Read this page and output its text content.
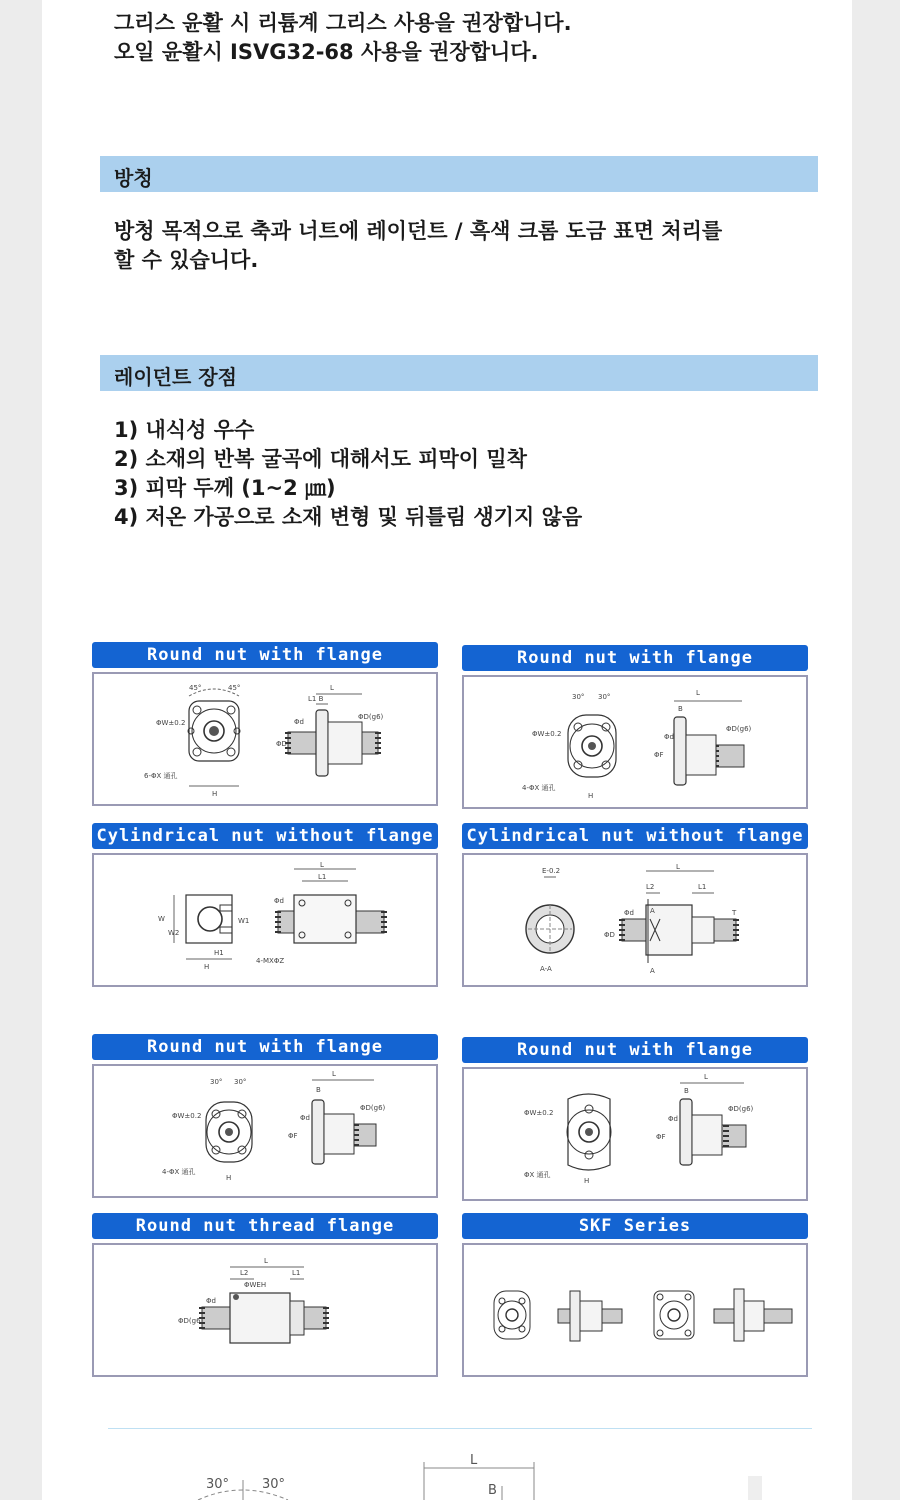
그리스 윤활 시 리튬계 그리스 사용을 권장합니다.
오일 윤활시 ISVG32-68 사용을 권장합니다.
방청
방청 목적으로 축과 너트에 레이던트 / 흑색 크롬 도금 표면 처리를
할 수 있습니다.
레이던트 장점
1) 내식성 우수
2) 소재의 반복 굴곡에 대해서도 피막이 밀착
3) 피막 두께 (1~2 ㎛)
4) 저온 가공으로 소재 변형 및 뒤틀림 생기지 않음
Round nut with flange
45°	45°
ΦW±0.2
6-ΦX 通孔
H
L
L1 B
Φd
ΦD
ΦD(g6)
Round nut with flange
30° 30°
ΦW±0.2
4-ΦX 通孔
H
L
B
Φd
ΦF
ΦD(g6)
Cylindrical nut without flange
W
W2
W1
H1
H
L
L1
Φd
4-MXΦZ
Cylindrical nut without flange
E-0.2
A-A
L
L2	L1
A
A
Φd
ΦD
T
Round nut with flange
30° 30°
ΦW±0.2
4-ΦX 通孔
H
L
B
Φd
ΦF
ΦD(g6)
Round nut with flange
ΦW±0.2
ΦX 通孔
H
L
B
Φd
ΦF
ΦD(g6)
Round nut thread flange
L
L2
ΦWEH
L1
ΦD(g6)
Φd
SKF Series
30°	30°
L
B
